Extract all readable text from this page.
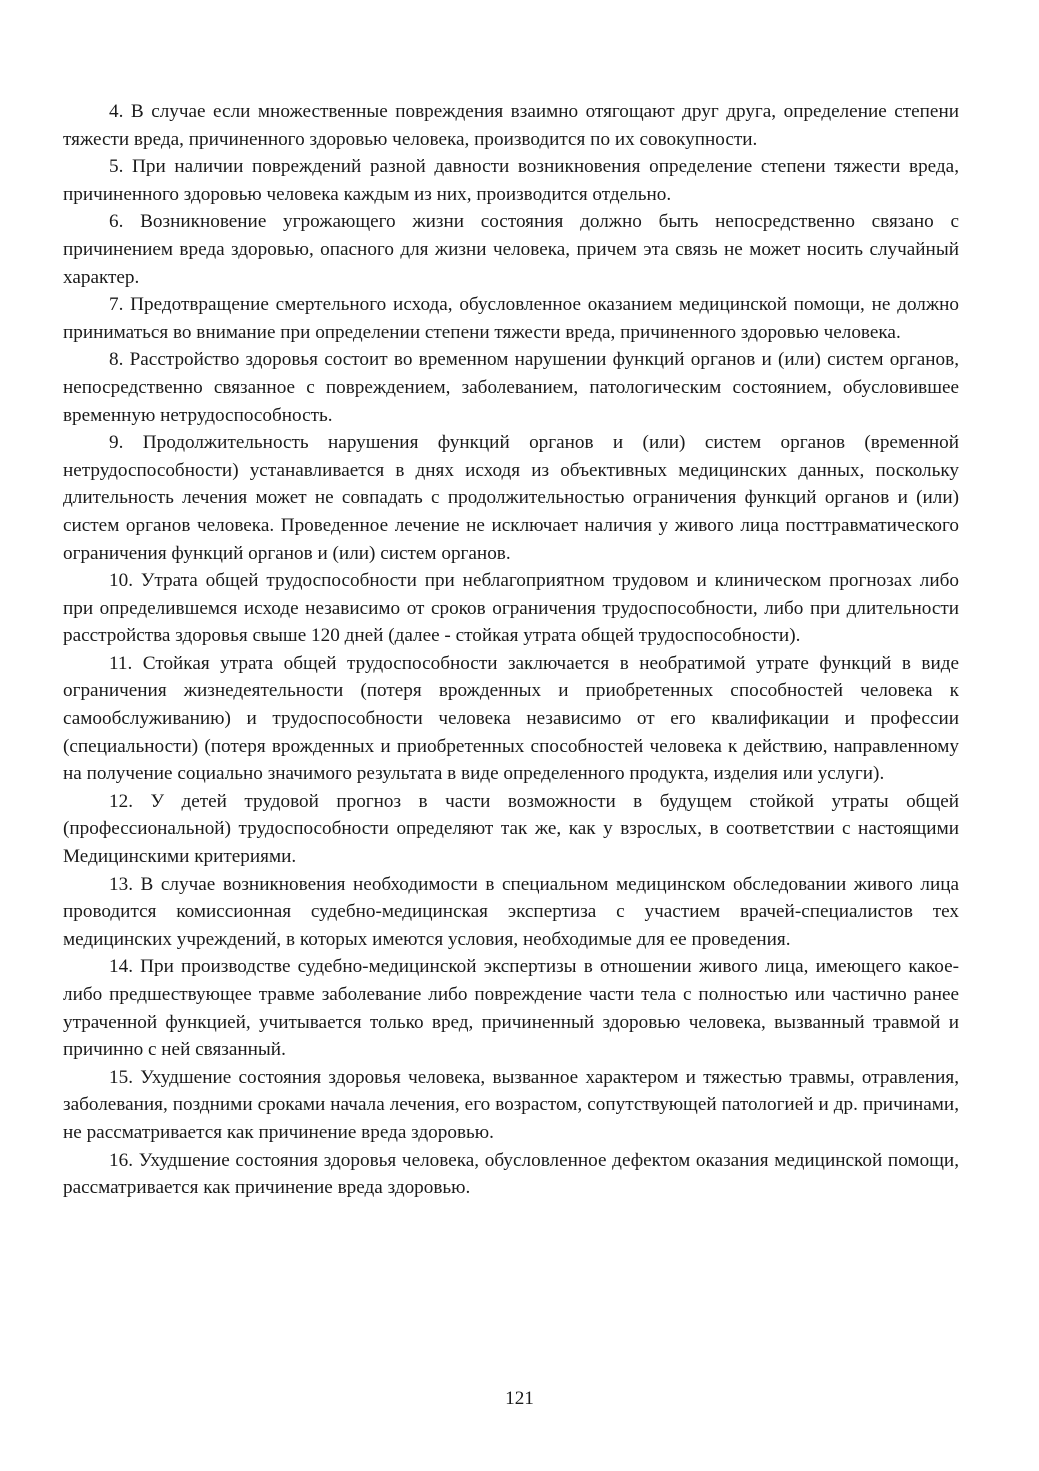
4. В случае если множественные повреждения взаимно отягощают друг друга, определение степени тяжести вреда, причиненного здоровью человека, производится по их совокупности.

5. При наличии повреждений разной давности возникновения определение степени тяжести вреда, причиненного здоровью человека каждым из них, производится отдельно.

6. Возникновение угрожающего жизни состояния должно быть непосредственно связано с причинением вреда здоровью, опасного для жизни человека, причем эта связь не может носить случайный характер.

7. Предотвращение смертельного исхода, обусловленное оказанием медицинской помощи, не должно приниматься во внимание при определении степени тяжести вреда, причиненного здоровью человека.

8. Расстройство здоровья состоит во временном нарушении функций органов и (или) систем органов, непосредственно связанное с повреждением, заболеванием, патологическим состоянием, обусловившее временную нетрудоспособность.

9. Продолжительность нарушения функций органов и (или) систем органов (временной нетрудоспособности) устанавливается в днях исходя из объективных медицинских данных, поскольку длительность лечения может не совпадать с продолжительностью ограничения функций органов и (или) систем органов человека. Проведенное лечение не исключает наличия у живого лица посттравматического ограничения функций органов и (или) систем органов.

10. Утрата общей трудоспособности при неблагоприятном трудовом и клиническом прогнозах либо при определившемся исходе независимо от сроков ограничения трудоспособности, либо при длительности расстройства здоровья свыше 120 дней (далее - стойкая утрата общей трудоспособности).

11. Стойкая утрата общей трудоспособности заключается в необратимой утрате функций в виде ограничения жизнедеятельности (потеря врожденных и приобретенных способностей человека к самообслуживанию) и трудоспособности человека независимо от его квалификации и профессии (специальности) (потеря врожденных и приобретенных способностей человека к действию, направленному на получение социально значимого результата в виде определенного продукта, изделия или услуги).

12. У детей трудовой прогноз в части возможности в будущем стойкой утраты общей (профессиональной) трудоспособности определяют так же, как у взрослых, в соответствии с настоящими Медицинскими критериями.

13. В случае возникновения необходимости в специальном медицинском обследовании живого лица проводится комиссионная судебно-медицинская экспертиза с участием врачей-специалистов тех медицинских учреждений, в которых имеются условия, необходимые для ее проведения.

14. При производстве судебно-медицинской экспертизы в отношении живого лица, имеющего какое-либо предшествующее травме заболевание либо повреждение части тела с полностью или частично ранее утраченной функцией, учитывается только вред, причиненный здоровью человека, вызванный травмой и причинно с ней связанный.

15. Ухудшение состояния здоровья человека, вызванное характером и тяжестью травмы, отравления, заболевания, поздними сроками начала лечения, его возрастом, сопутствующей патологией и др. причинами, не рассматривается как причинение вреда здоровью.

16. Ухудшение состояния здоровья человека, обусловленное дефектом оказания медицинской помощи, рассматривается как причинение вреда здоровью.

121
